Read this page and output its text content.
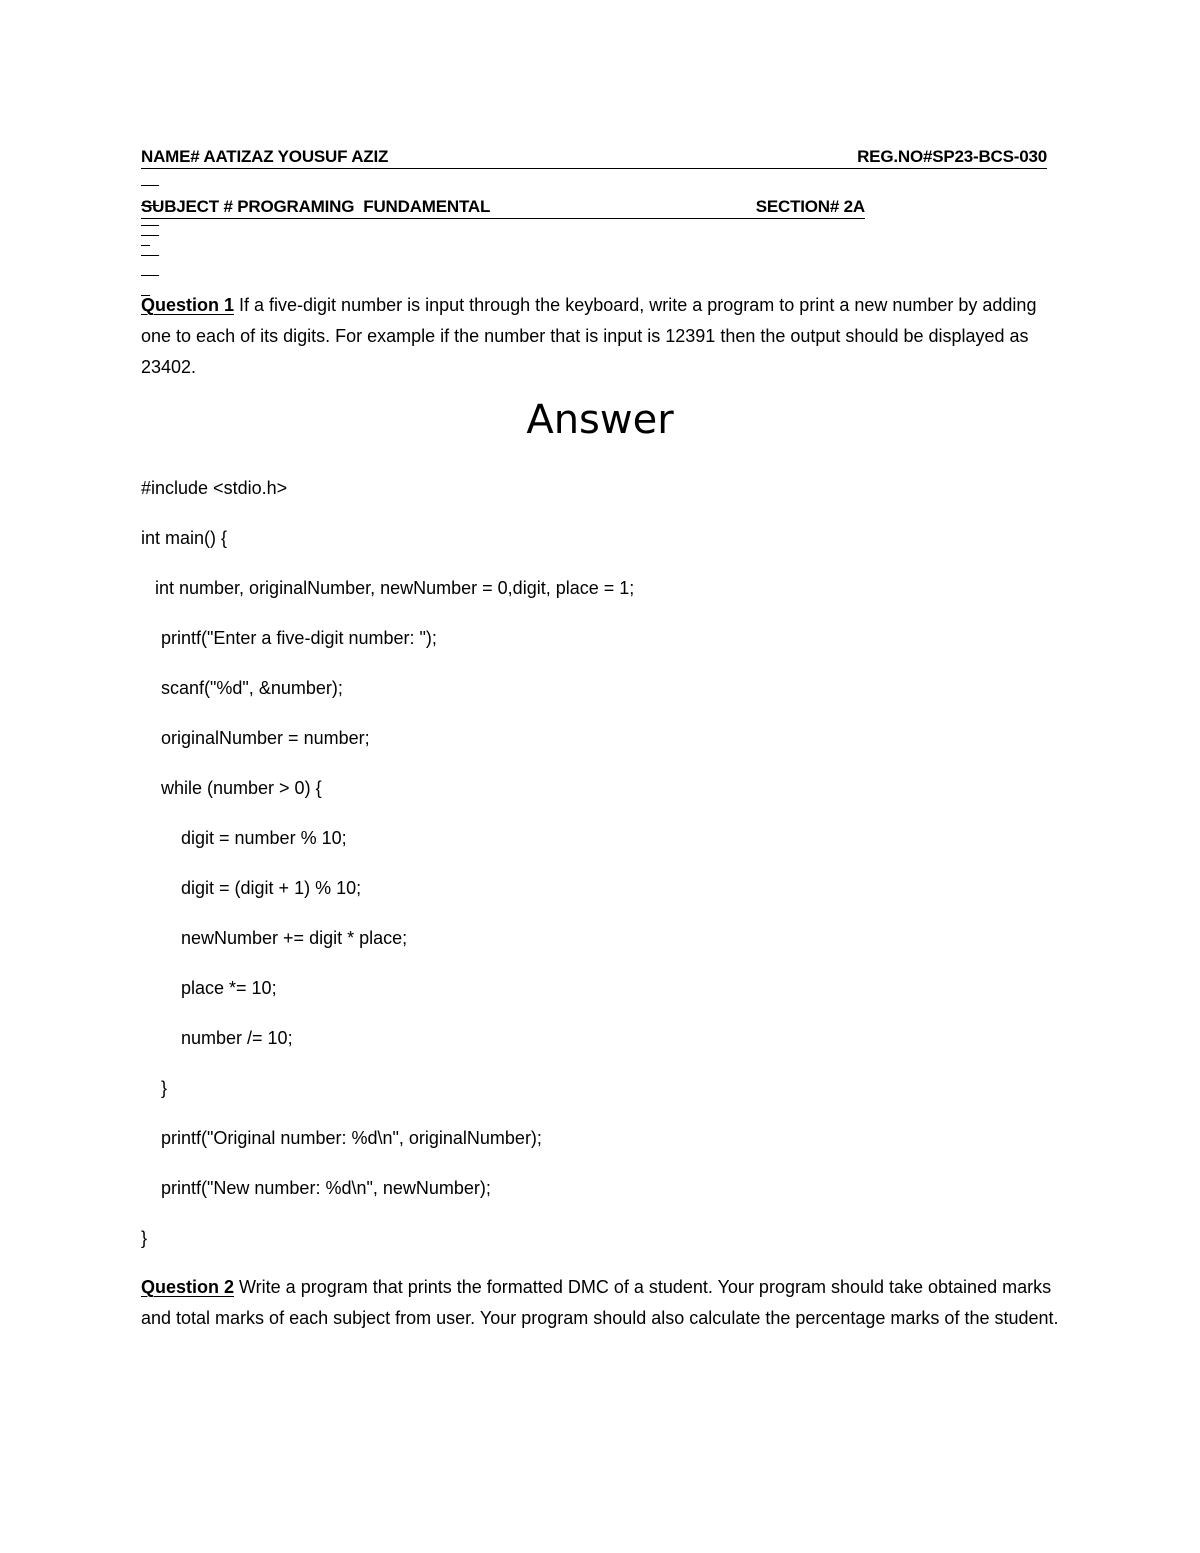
NAME# AATIZAZ YOUSUF AZIZ

	REG.NO#SP23-BCS-030

SUBJECT # PROGRAMING  FUNDAMENTAL

	SECTION# 2A

Question 1 If a five-digit number is input through the keyboard, write a program to print a new number by adding one to each of its digits. For example if the number that is input is 12391 then the output should be displayed as 23402.
Answer
#include <stdio.h>
int main() {
int number, originalNumber, newNumber = 0,digit, place = 1;
printf("Enter a five-digit number: ");
scanf("%d", &number);
originalNumber = number;
while (number > 0) {
digit = number % 10;
digit = (digit + 1) % 10;
newNumber += digit * place;
place *= 10;
number /= 10;
}
printf("Original number: %d\n", originalNumber);
printf("New number: %d\n", newNumber);
}
Question 2 Write a program that prints the formatted DMC of a student. Your program should take obtained marks and total marks of each subject from user. Your program should also calculate the percentage marks of the student.
